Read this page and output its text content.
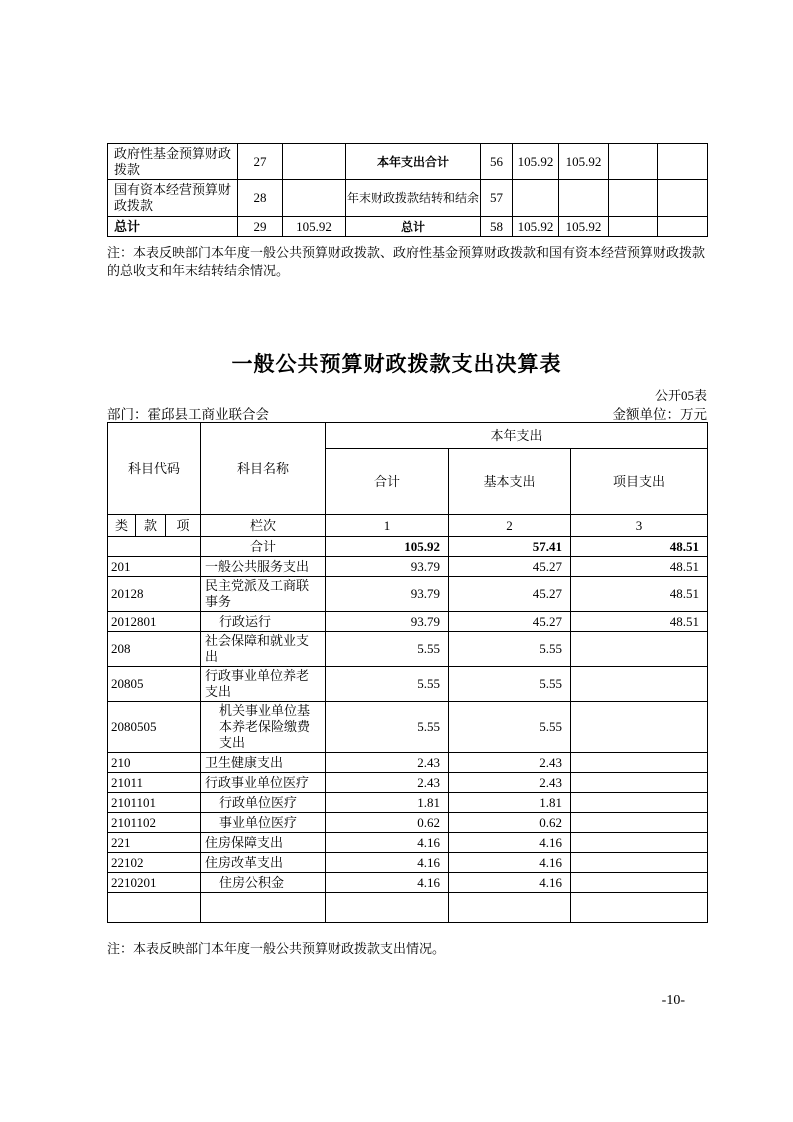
政府性基金预算财政拨款	27		本年支出合计	56	105.92	105.92		
国有资本经营预算财政拨款	28		年末财政拨款结转和结余	57				
总计	29	105.92	总计	58	105.92	105.92		
注：本表反映部门本年度一般公共预算财政拨款、政府性基金预算财政拨款和国有资本经营预算财政拨款的总收支和年末结转结余情况。
一般公共预算财政拨款支出决算表
公开05表
部门：霍邱县工商业联合会	金额单位：万元
科目代码			科目名称	本年支出		
				合计	基本支出	项目支出
类	款	项	栏次	1	2	3
			合计	105.92	57.41	48.51
201			一般公共服务支出	93.79	45.27	48.51
20128			民主党派及工商联事务	93.79	45.27	48.51
2012801			行政运行	93.79	45.27	48.51
208			社会保障和就业支出	5.55	5.55	
20805			行政事业单位养老支出	5.55	5.55	
2080505			机关事业单位基本养老保险缴费支出	5.55	5.55	
210			卫生健康支出	2.43	2.43	
21011			行政事业单位医疗	2.43	2.43	
2101101			行政单位医疗	1.81	1.81	
2101102			事业单位医疗	0.62	0.62	
221			住房保障支出	4.16	4.16	
22102			住房改革支出	4.16	4.16	
2210201			住房公积金	4.16	4.16	

注：本表反映部门本年度一般公共预算财政拨款支出情况。
-10-
